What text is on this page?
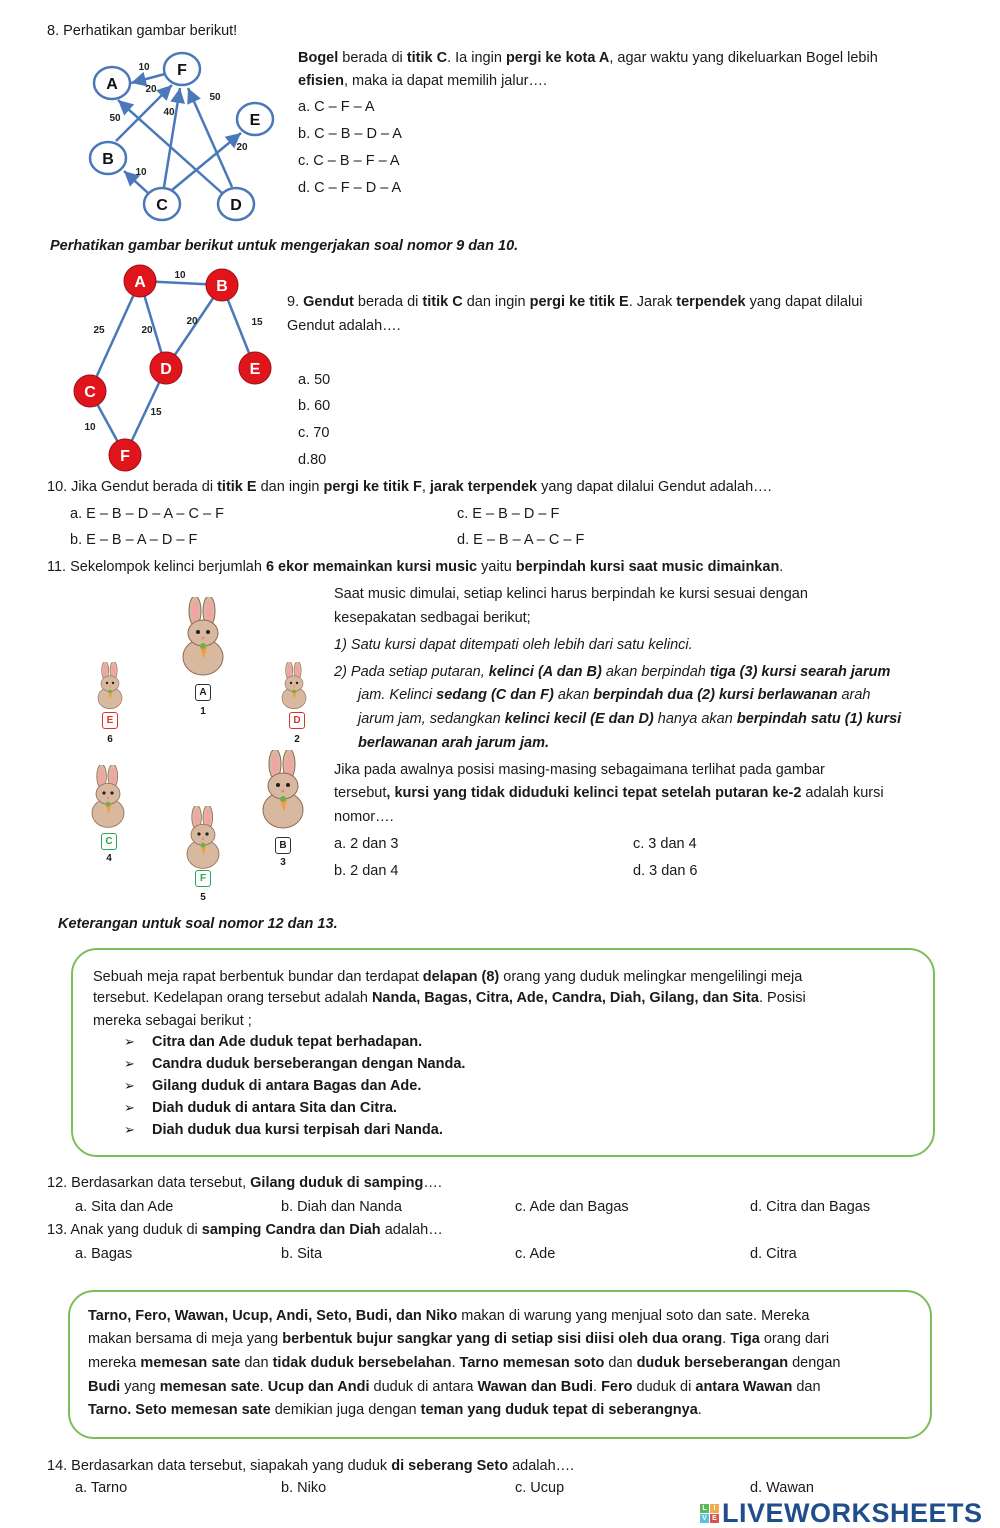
8. Perhatikan gambar berikut!
A
F
E
B
C	D
10
20
40
50
50
20
10
Bogel berada di titik C. Ia ingin pergi ke kota A, agar waktu yang dikeluarkan Bogel lebih
efisien, maka ia dapat memilih jalur….
a. C – F – A
b. C – B – D – A
c. C – B – F – A
d. C – F – D – A
Perhatikan gambar berikut untuk mengerjakan soal nomor 9 dan 10.
A	B
D	E
C
F
10
25	20
20	15
15
10
9. Gendut berada di titik C dan ingin pergi ke titik E. Jarak terpendek yang dapat dilalui
Gendut adalah….
a. 50
b. 60
c. 70
d.80
10. Jika Gendut berada di titik E dan ingin pergi ke titik F, jarak terpendek yang dapat dilalui Gendut adalah….
a. E – B – D – A – C – F	c. E – B – D – F
b. E – B – A – D – F	d. E – B – A – C – F
11. Sekelompok kelinci berjumlah 6 ekor memainkan kursi music yaitu berpindah kursi saat music dimainkan.
A
1
D
2
B
3
C
4
F
5
E
6
Saat music dimulai, setiap kelinci harus berpindah ke kursi sesuai dengan
kesepakatan sedbagai berikut;
1) Satu kursi dapat ditempati oleh lebih dari satu kelinci.
2) Pada setiap putaran, kelinci (A dan B) akan berpindah tiga (3) kursi searah jarum
jam. Kelinci sedang (C dan F) akan berpindah dua (2) kursi berlawanan arah
jarum jam, sedangkan kelinci kecil (E dan D) hanya akan berpindah satu (1) kursi
berlawanan arah jarum jam.
Jika pada awalnya posisi masing-masing sebagaimana terlihat pada gambar
tersebut, kursi yang tidak diduduki kelinci tepat setelah putaran ke-2 adalah kursi
nomor….
a. 2 dan 3	c. 3 dan 4
b. 2 dan 4	d. 3 dan 6
Keterangan untuk soal nomor 12 dan 13.
Sebuah meja rapat berbentuk bundar dan terdapat delapan (8) orang yang duduk melingkar mengelilingi meja
tersebut. Kedelapan orang tersebut adalah Nanda, Bagas, Citra, Ade, Candra, Diah, Gilang, dan Sita. Posisi
mereka sebagai berikut ;
➢ Citra dan Ade duduk tepat berhadapan.
➢ Candra duduk berseberangan dengan Nanda.
➢ Gilang duduk di antara Bagas dan Ade.
➢ Diah duduk di antara Sita dan Citra.
➢ Diah duduk dua kursi terpisah dari Nanda.
12. Berdasarkan data tersebut, Gilang duduk di samping….
a. Sita dan Ade	b. Diah dan Nanda	c. Ade dan Bagas	d. Citra dan Bagas
13. Anak yang duduk di samping Candra dan Diah adalah…
a. Bagas	b. Sita	c. Ade	d. Citra
Tarno, Fero, Wawan, Ucup, Andi, Seto, Budi, dan Niko makan di warung yang menjual soto dan sate. Mereka
makan bersama di meja yang berbentuk bujur sangkar yang di setiap sisi diisi oleh dua orang. Tiga orang dari
mereka memesan sate dan tidak duduk bersebelahan. Tarno memesan soto dan duduk berseberangan dengan
Budi yang memesan sate. Ucup dan Andi duduk di antara Wawan dan Budi. Fero duduk di antara Wawan dan
Tarno. Seto memesan sate demikian juga dengan teman yang duduk tepat di seberangnya.
14. Berdasarkan data tersebut, siapakah yang duduk di seberang Seto adalah….
a. Tarno	b. Niko	c. Ucup	d. Wawan
L I
V E LIVEWORKSHEETS
